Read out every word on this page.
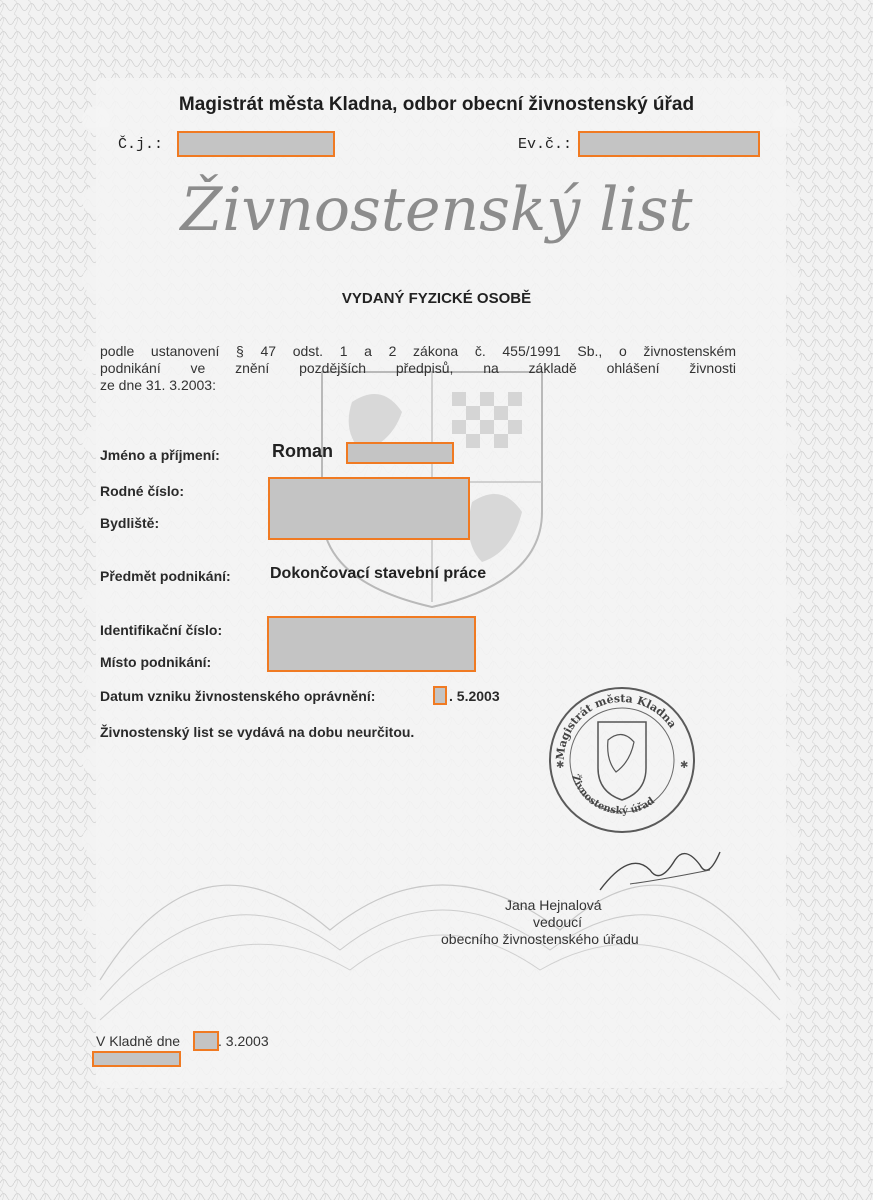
Magistrát města Kladna, odbor obecní živnostenský úřad
Č.j.:	Ev.č.:
Živnostenský list
VYDANÝ FYZICKÉ OSOBĚ
podle ustanovení § 47 odst. 1 a 2 zákona č. 455/1991 Sb., o živnostenském
podnikání ve znění pozdějších předpisů, na základě ohlášení živnosti
ze dne 31. 3.2003:
Jméno a příjmení:	Roman
Rodné číslo:
Bydliště:
Předmět podnikání: Dokončovací stavební práce
Identifikační číslo:
Místo podnikání:
Datum vzniku živnostenského oprávnění:	. 5.2003
Živnostenský list se vydává na dobu neurčitou.
Magistrát města Kladna
Živnostenský úřad
✱	✱
Jana Hejnalová
vedoucí
obecního živnostenského úřadu
V Kladně dne	. 3.2003
